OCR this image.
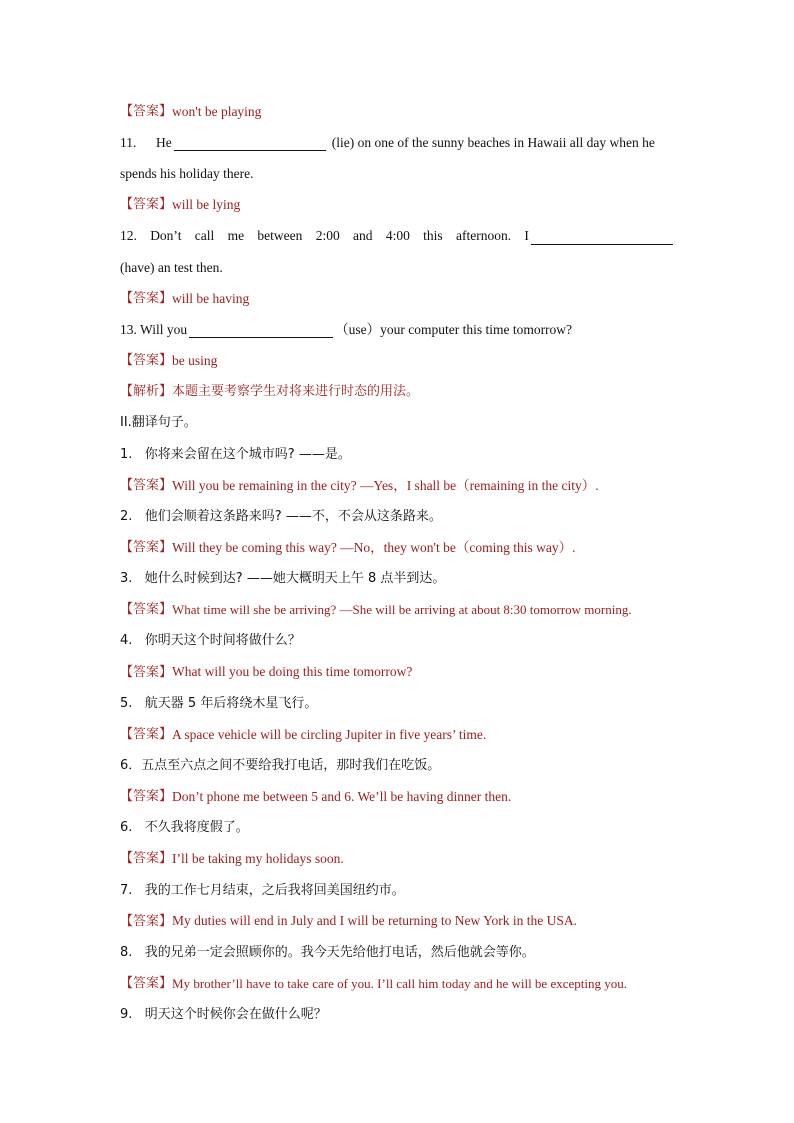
【答案】 won't be playing
11.	He	(lie) on one of the sunny beaches in Hawaii all day when he
spends his holiday there.
【答案】 will be lying
12. Don’t call me between 2:00 and 4:00 this afternoon. I
(have) an test then.
【答案】 will be having
13. Will you	（use）your computer this time tomorrow?
【答案】 be using
【解析】 本题主要考察学生对将来进行时态的用法。
II.翻译句子。
1.   你将来会留在这个城市吗? ——是。
【答案】 Will you be remaining in the city? —Yes，I shall be（remaining in the city）.
2.   他们会顺着这条路来吗? ——不，不会从这条路来。
【答案】 Will they be coming this way? —No，they won't be（coming this way）.
3.   她什么时候到达? ——她大概明天上午 8 点半到达。
【答案】 What time will she be arriving? —She will be arriving at about 8:30 tomorrow morning.
4.   你明天这个时间将做什么？
【答案】 What will you be doing this time tomorrow?
5.   航天器 5 年后将绕木星飞行。
【答案】 A space vehicle will be circling Jupiter in five years’ time.
6．五点至六点之间不要给我打电话，那时我们在吃饭。
【答案】 Don’t phone me between 5 and 6. We’ll be having dinner then.
6.   不久我将度假了。
【答案】 I’ll be taking my holidays soon.
7.   我的工作七月结束，之后我将回美国纽约市。
【答案】 My duties will end in July and I will be returning to New York in the USA.
8.   我的兄弟一定会照顾你的。我今天先给他打电话，然后他就会等你。
【答案】 My brother’ll have to take care of you. I’ll call him today and he will be excepting you.
9.   明天这个时候你会在做什么呢？
